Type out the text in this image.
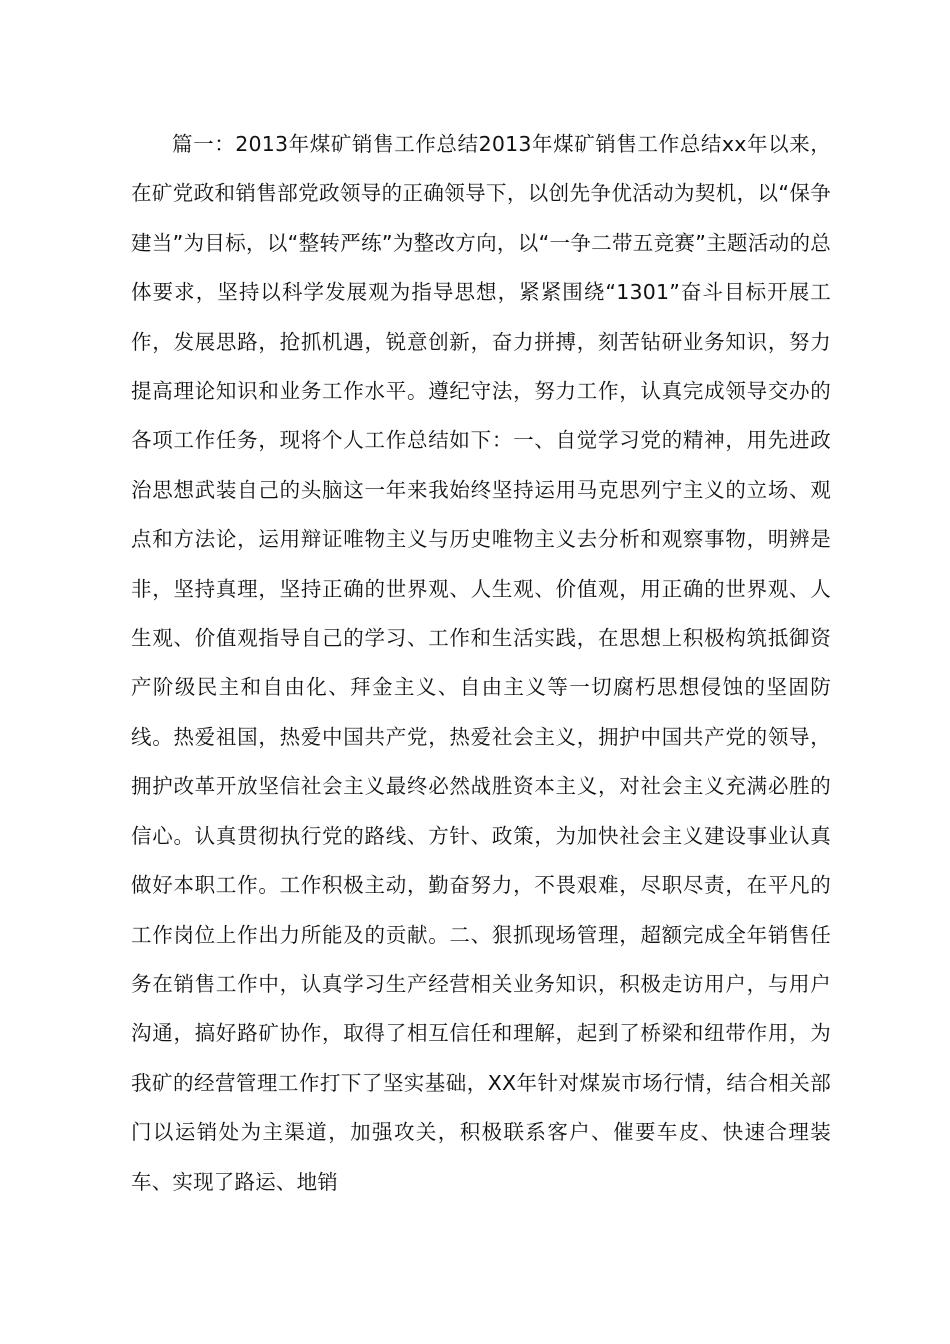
篇一：2013年煤矿销售工作总结2013年煤矿销售工作总结xx年以来，在矿党政和销售部党政领导的正确领导下，以创先争优活动为契机，以“保争建当”为目标，以“整转严练”为整改方向，以“一争二带五竞赛”主题活动的总体要求，坚持以科学发展观为指导思想，紧紧围绕“1301”奋斗目标开展工作，发展思路，抢抓机遇，锐意创新，奋力拼搏，刻苦钻研业务知识，努力提高理论知识和业务工作水平。遵纪守法，努力工作，认真完成领导交办的各项工作任务，现将个人工作总结如下：一、自觉学习党的精神，用先进政治思想武装自己的头脑这一年来我始终坚持运用马克思列宁主义的立场、观点和方法论，运用辩证唯物主义与历史唯物主义去分析和观察事物，明辨是非，坚持真理，坚持正确的世界观、人生观、价值观，用正确的世界观、人生观、价值观指导自己的学习、工作和生活实践，在思想上积极构筑抵御资产阶级民主和自由化、拜金主义、自由主义等一切腐朽思想侵蚀的坚固防线。热爱祖国，热爱中国共产党，热爱社会主义，拥护中国共产党的领导，拥护改革开放坚信社会主义最终必然战胜资本主义，对社会主义充满必胜的信心。认真贯彻执行党的路线、方针、政策，为加快社会主义建设事业认真做好本职工作。工作积极主动，勤奋努力，不畏艰难，尽职尽责，在平凡的工作岗位上作出力所能及的贡献。二、狠抓现场管理，超额完成全年销售任务在销售工作中，认真学习生产经营相关业务知识，积极走访用户，与用户沟通，搞好路矿协作，取得了相互信任和理解，起到了桥梁和纽带作用，为我矿的经营管理工作打下了坚实基础，XX年针对煤炭市场行情，结合相关部门以运销处为主渠道，加强攻关，积极联系客户、催要车皮、快速合理装车、实现了路运、地销
